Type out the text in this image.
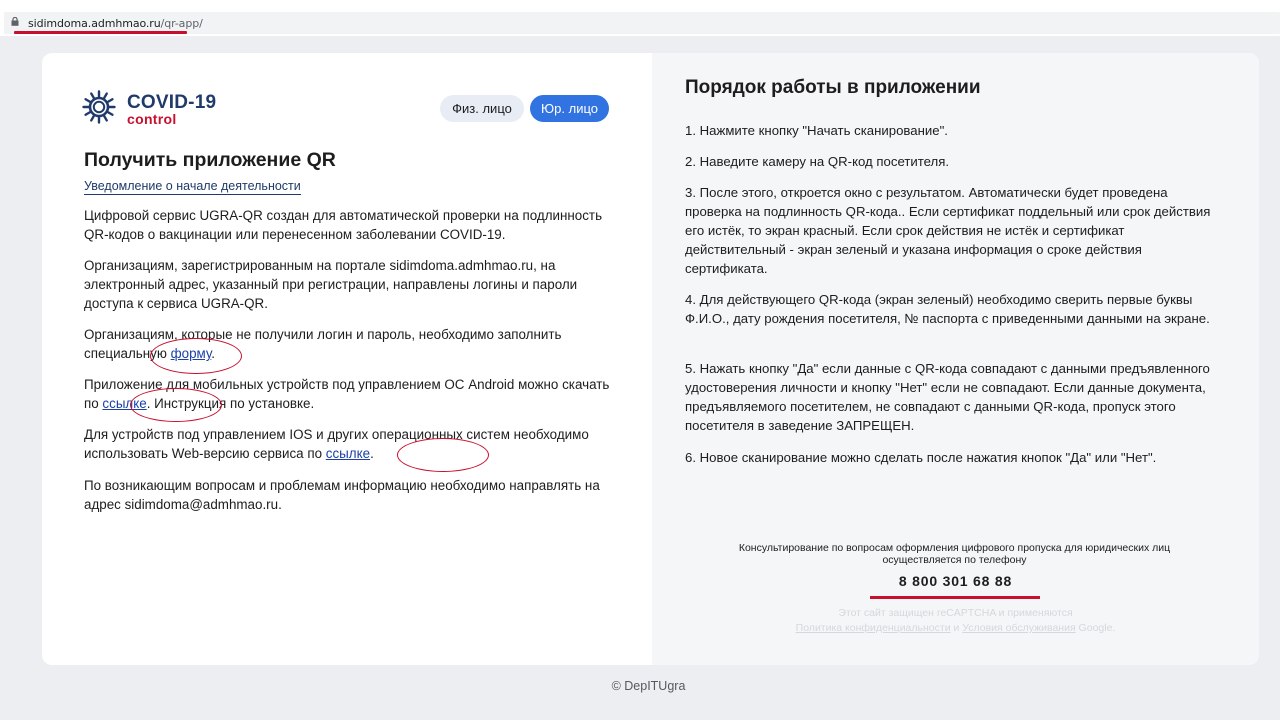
sidimdoma.admhmao.ru/qr-app/
COVID-19
control
Физ. лицо	Юр. лицо
Получить приложение QR
Уведомление о начале деятельности
Цифровой сервис UGRA-QR создан для автоматической проверки на подлинность QR-кодов о вакцинации или перенесенном заболевании COVID-19.
Организациям, зарегистрированным на портале sidimdoma.admhmao.ru, на электронный адрес, указанный при регистрации, направлены логины и пароли доступа к сервиса UGRA-QR.
Организациям, которые не получили логин и пароль, необходимо заполнить специальную форму.
Приложение для мобильных устройств под управлением ОС Android можно скачать по ссылке. Инструкция по установке.
Для устройств под управлением IOS и других операционных систем необходимо использовать Web-версию сервиса по ссылке.
По возникающим вопросам и проблемам информацию необходимо направлять на адрес sidimdoma@admhmao.ru.
Порядок работы в приложении
1. Нажмите кнопку "Начать сканирование".
2. Наведите камеру на QR-код посетителя.
3. После этого, откроется окно с результатом. Автоматически будет проведена проверка на подлинность QR-кода.. Если сертификат поддельный или срок действия его истёк, то экран красный. Если срок действия не истёк и сертификат действительный - экран зеленый и указана информация о сроке действия сертификата.
4. Для действующего QR-кода (экран зеленый) необходимо сверить первые буквы Ф.И.О., дату рождения посетителя, № паспорта с приведенными данными на экране.
5. Нажать кнопку "Да" если данные с QR-кода совпадают с данными предъявленного удостоверения личности и кнопку "Нет" если не совпадают. Если данные документа, предъявляемого посетителем, не совпадают с данными QR-кода, пропуск этого посетителя в заведение ЗАПРЕЩЕН.
6. Новое сканирование можно сделать после нажатия кнопок "Да" или "Нет".
Консультирование по вопросам оформления цифрового пропуска для юридических лиц осуществляется по телефону
8 800 301 68 88
Этот сайт защищен reCAPTCHA и применяются
Политика конфиденциальности и Условия обслуживания Google.
© DepITUgra
